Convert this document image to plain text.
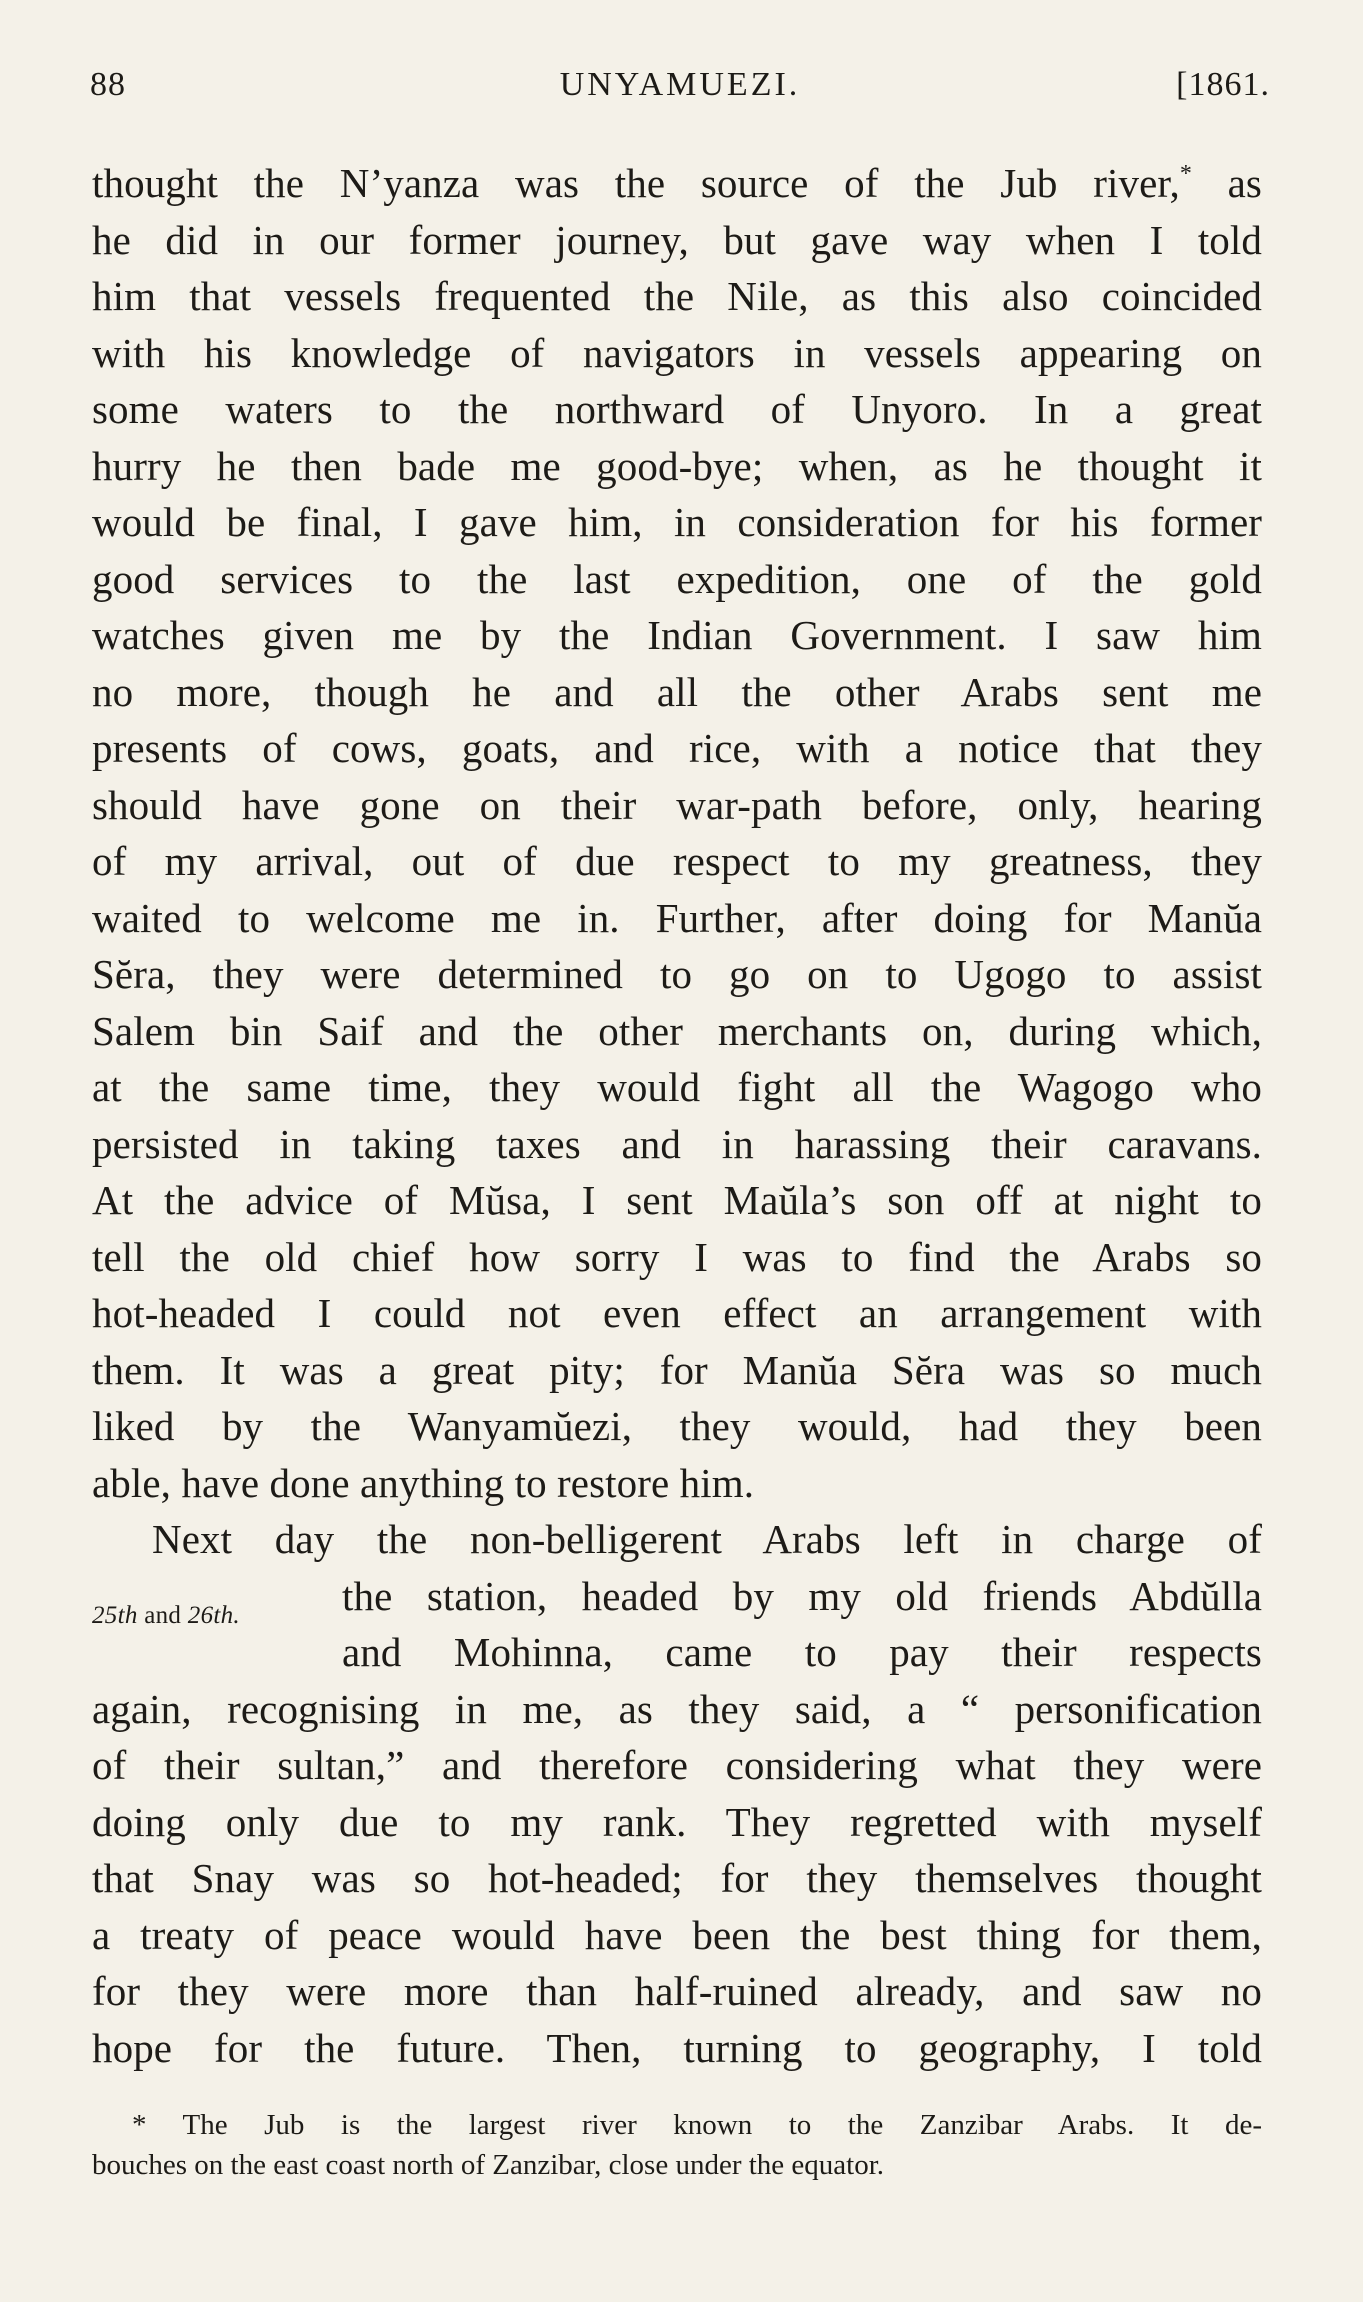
88	UNYAMUEZI.	[1861.
thought the N’yanza was the source of the Jub river,* as
he did in our former journey, but gave way when I told
him that vessels frequented the Nile, as this also coincided
with his knowledge of navigators in vessels appearing on
some waters to the northward of Unyoro. In a great
hurry he then bade me good-bye; when, as he thought it
would be final, I gave him, in consideration for his former
good services to the last expedition, one of the gold
watches given me by the Indian Government. I saw him
no more, though he and all the other Arabs sent me
presents of cows, goats, and rice, with a notice that they
should have gone on their war-path before, only, hearing
of my arrival, out of due respect to my greatness, they
waited to welcome me in. Further, after doing for Manŭa
Sĕra, they were determined to go on to Ugogo to assist
Salem bin Saif and the other merchants on, during which,
at the same time, they would fight all the Wagogo who
persisted in taking taxes and in harassing their caravans.
At the advice of Mŭsa, I sent Maŭla’s son off at night to
tell the old chief how sorry I was to find the Arabs so
hot-headed I could not even effect an arrangement with
them. It was a great pity; for Manŭa Sĕra was so much
liked by the Wanyamŭezi, they would, had they been
able, have done anything to restore him.
Next day the non-belligerent Arabs left in charge of
the station, headed by my old friends Abdŭlla
and Mohinna, came to pay their respects
again, recognising in me, as they said, a “ personification
of their sultan,” and therefore considering what they were
doing only due to my rank. They regretted with myself
that Snay was so hot-headed; for they themselves thought
a treaty of peace would have been the best thing for them,
for they were more than half-ruined already, and saw no
hope for the future. Then, turning to geography, I told
25th and 26th.
* The Jub is the largest river known to the Zanzibar Arabs. It de-
bouches on the east coast north of Zanzibar, close under the equator.
